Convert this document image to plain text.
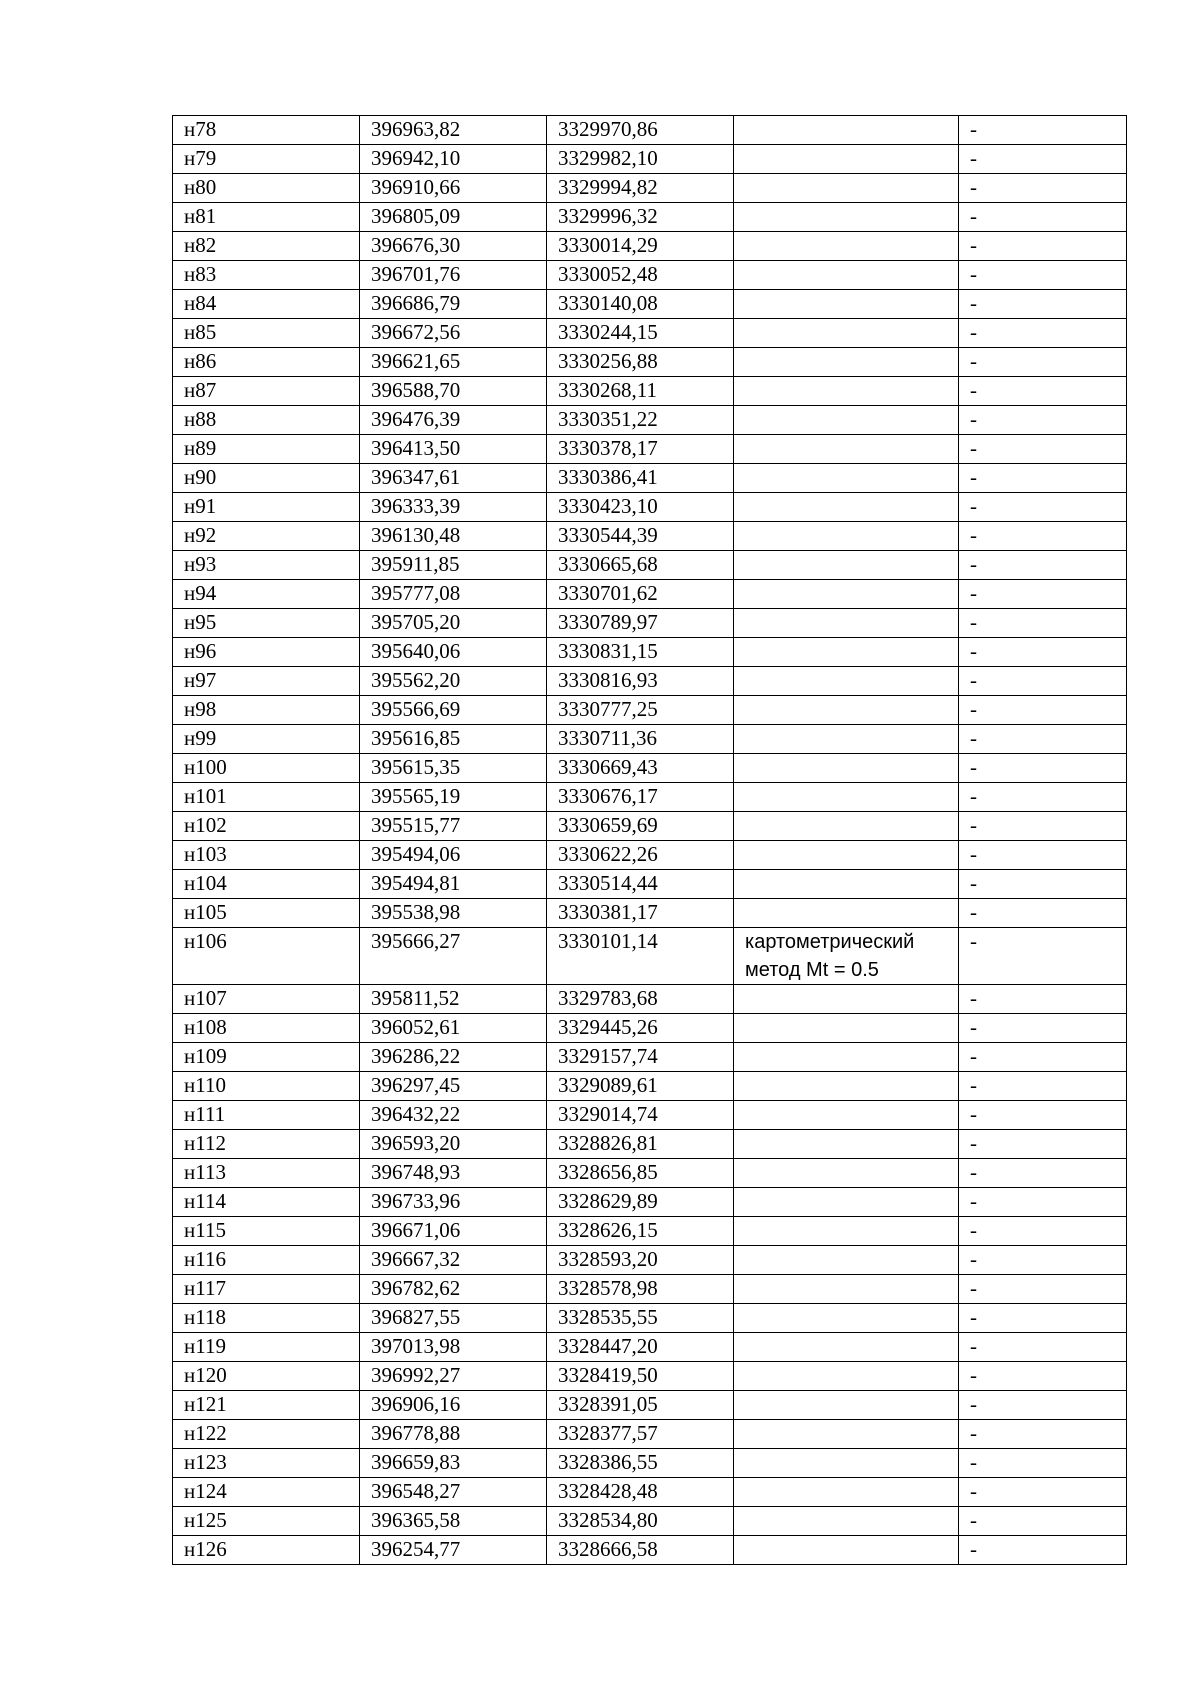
н78	396963,82	3329970,86		-
н79	396942,10	3329982,10		-
н80	396910,66	3329994,82		-
н81	396805,09	3329996,32		-
н82	396676,30	3330014,29		-
н83	396701,76	3330052,48		-
н84	396686,79	3330140,08		-
н85	396672,56	3330244,15		-
н86	396621,65	3330256,88		-
н87	396588,70	3330268,11		-
н88	396476,39	3330351,22		-
н89	396413,50	3330378,17		-
н90	396347,61	3330386,41		-
н91	396333,39	3330423,10		-
н92	396130,48	3330544,39		-
н93	395911,85	3330665,68		-
н94	395777,08	3330701,62		-
н95	395705,20	3330789,97		-
н96	395640,06	3330831,15		-
н97	395562,20	3330816,93		-
н98	395566,69	3330777,25		-
н99	395616,85	3330711,36		-
н100	395615,35	3330669,43		-
н101	395565,19	3330676,17		-
н102	395515,77	3330659,69		-
н103	395494,06	3330622,26		-
н104	395494,81	3330514,44		-
н105	395538,98	3330381,17		-
н106	395666,27	3330101,14	картометрический метод Mt = 0.5	-
н107	395811,52	3329783,68		-
н108	396052,61	3329445,26		-
н109	396286,22	3329157,74		-
н110	396297,45	3329089,61		-
н111	396432,22	3329014,74		-
н112	396593,20	3328826,81		-
н113	396748,93	3328656,85		-
н114	396733,96	3328629,89		-
н115	396671,06	3328626,15		-
н116	396667,32	3328593,20		-
н117	396782,62	3328578,98		-
н118	396827,55	3328535,55		-
н119	397013,98	3328447,20		-
н120	396992,27	3328419,50		-
н121	396906,16	3328391,05		-
н122	396778,88	3328377,57		-
н123	396659,83	3328386,55		-
н124	396548,27	3328428,48		-
н125	396365,58	3328534,80		-
н126	396254,77	3328666,58		-
